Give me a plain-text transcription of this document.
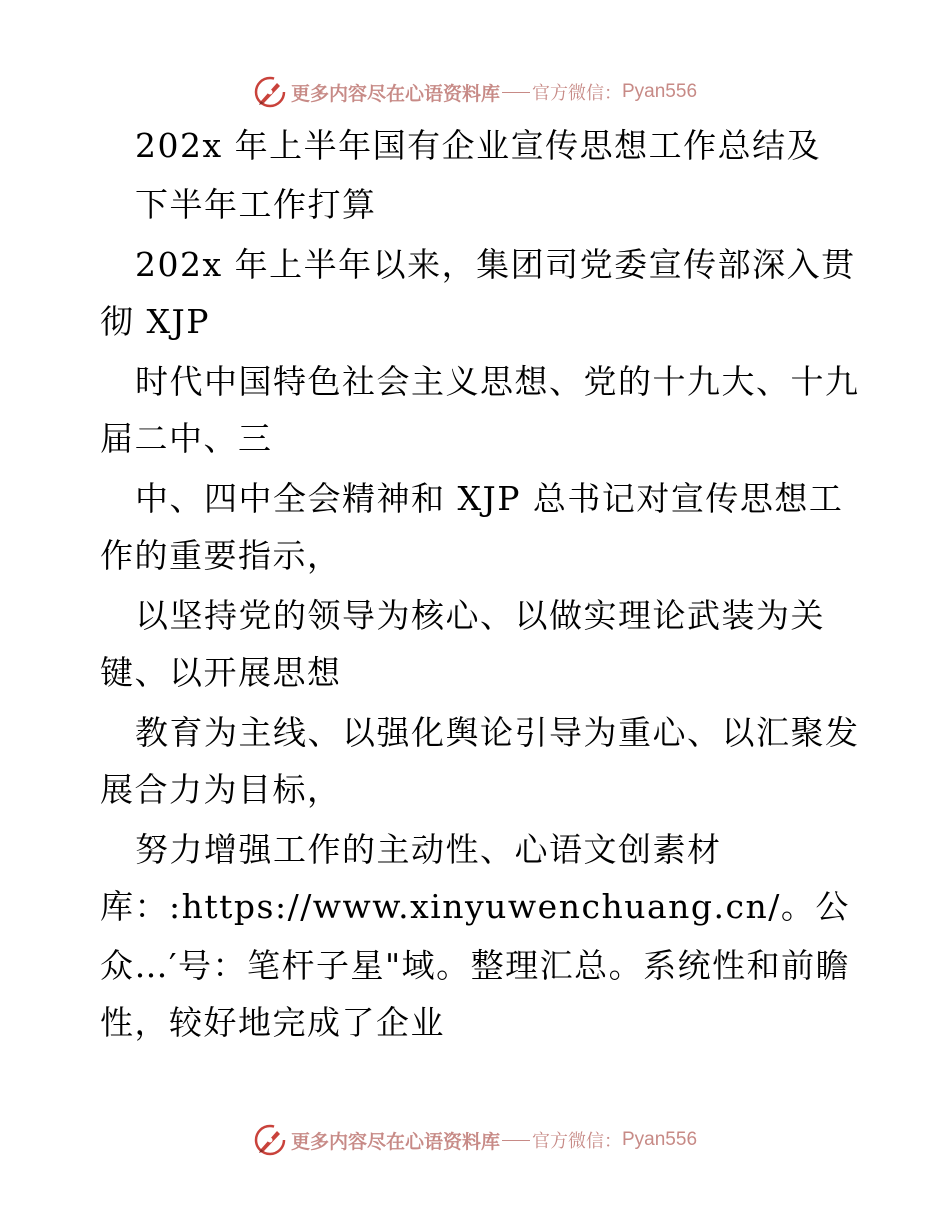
更多内容尽在心语资料库 官方微信： Pyan556
202x 年上半年国有企业宣传思想工作总结及
下半年工作打算
202x 年上半年以来，集团司党委宣传部深入贯
彻 XJP
时代中国特色社会主义思想、党的十九大、十九
届二中、三
中、四中全会精神和 XJP 总书记对宣传思想工
作的重要指示，
以坚持党的领导为核心、以做实理论武装为关
键、以开展思想
教育为主线、以强化舆论引导为重心、以汇聚发
展合力为目标，
努力增强工作的主动性、心语文创素材
库：:https://www.xinyuwenchuang.cn/。公
众…′号：笔杆子星"域。整理汇总。系统性和前瞻
性，较好地完成了企业
更多内容尽在心语资料库 官方微信： Pyan556
